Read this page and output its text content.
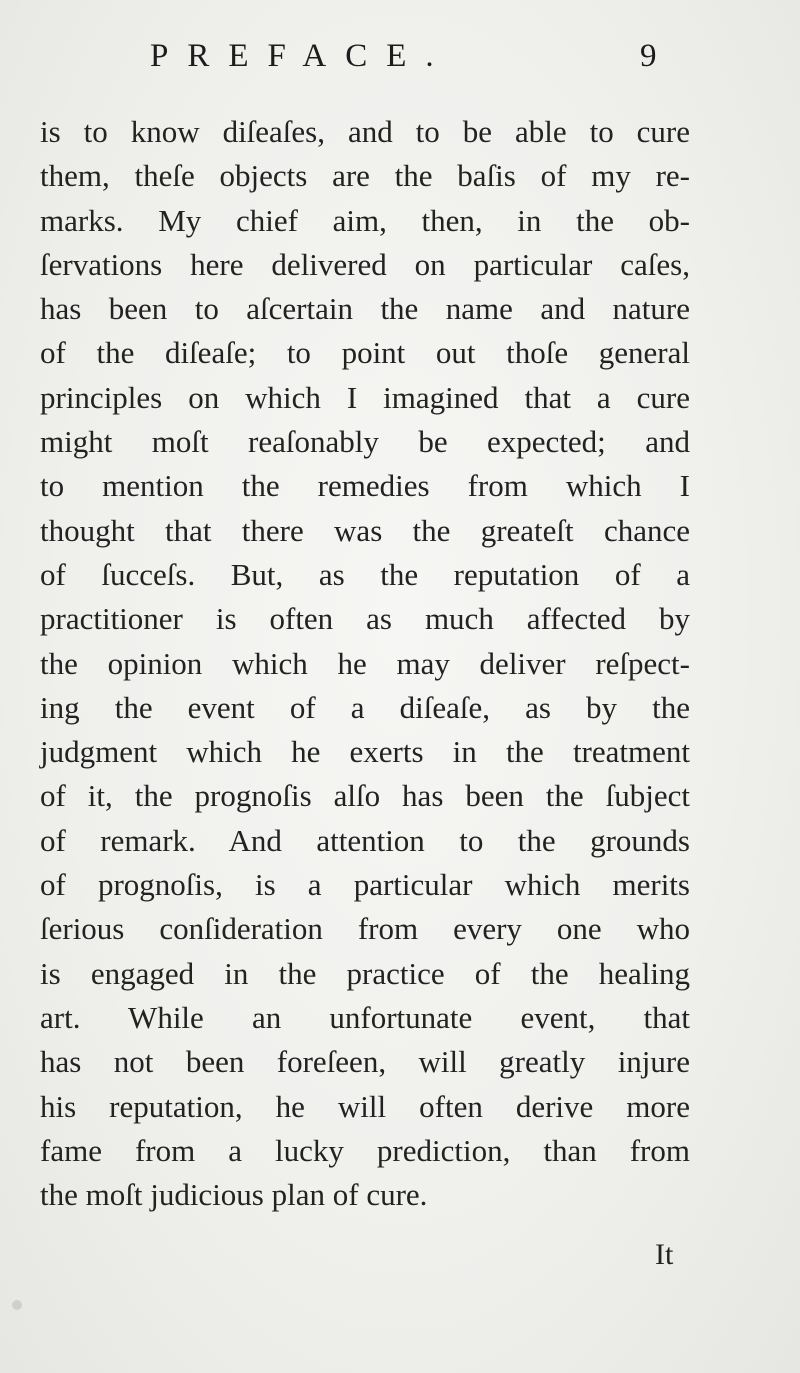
PREFACE.	9
is to know diſeaſes, and to be able to cure
them, theſe objects are the baſis of my re-
marks. My chief aim, then, in the ob-
ſervations here delivered on particular caſes,
has been to aſcertain the name and nature
of the diſeaſe; to point out thoſe general
principles on which I imagined that a cure
might moſt reaſonably be expected; and
to mention the remedies from which I
thought that there was the greateſt chance
of ſucceſs. But, as the reputation of a
practitioner is often as much affected by
the opinion which he may deliver reſpect-
ing the event of a diſeaſe, as by the
judgment which he exerts in the treatment
of it, the prognoſis alſo has been the ſubject
of remark. And attention to the grounds
of prognoſis, is a particular which merits
ſerious conſideration from every one who
is engaged in the practice of the healing
art. While an unfortunate event, that
has not been foreſeen, will greatly injure
his reputation, he will often derive more
fame from a lucky prediction, than from
the moſt judicious plan of cure.
It
